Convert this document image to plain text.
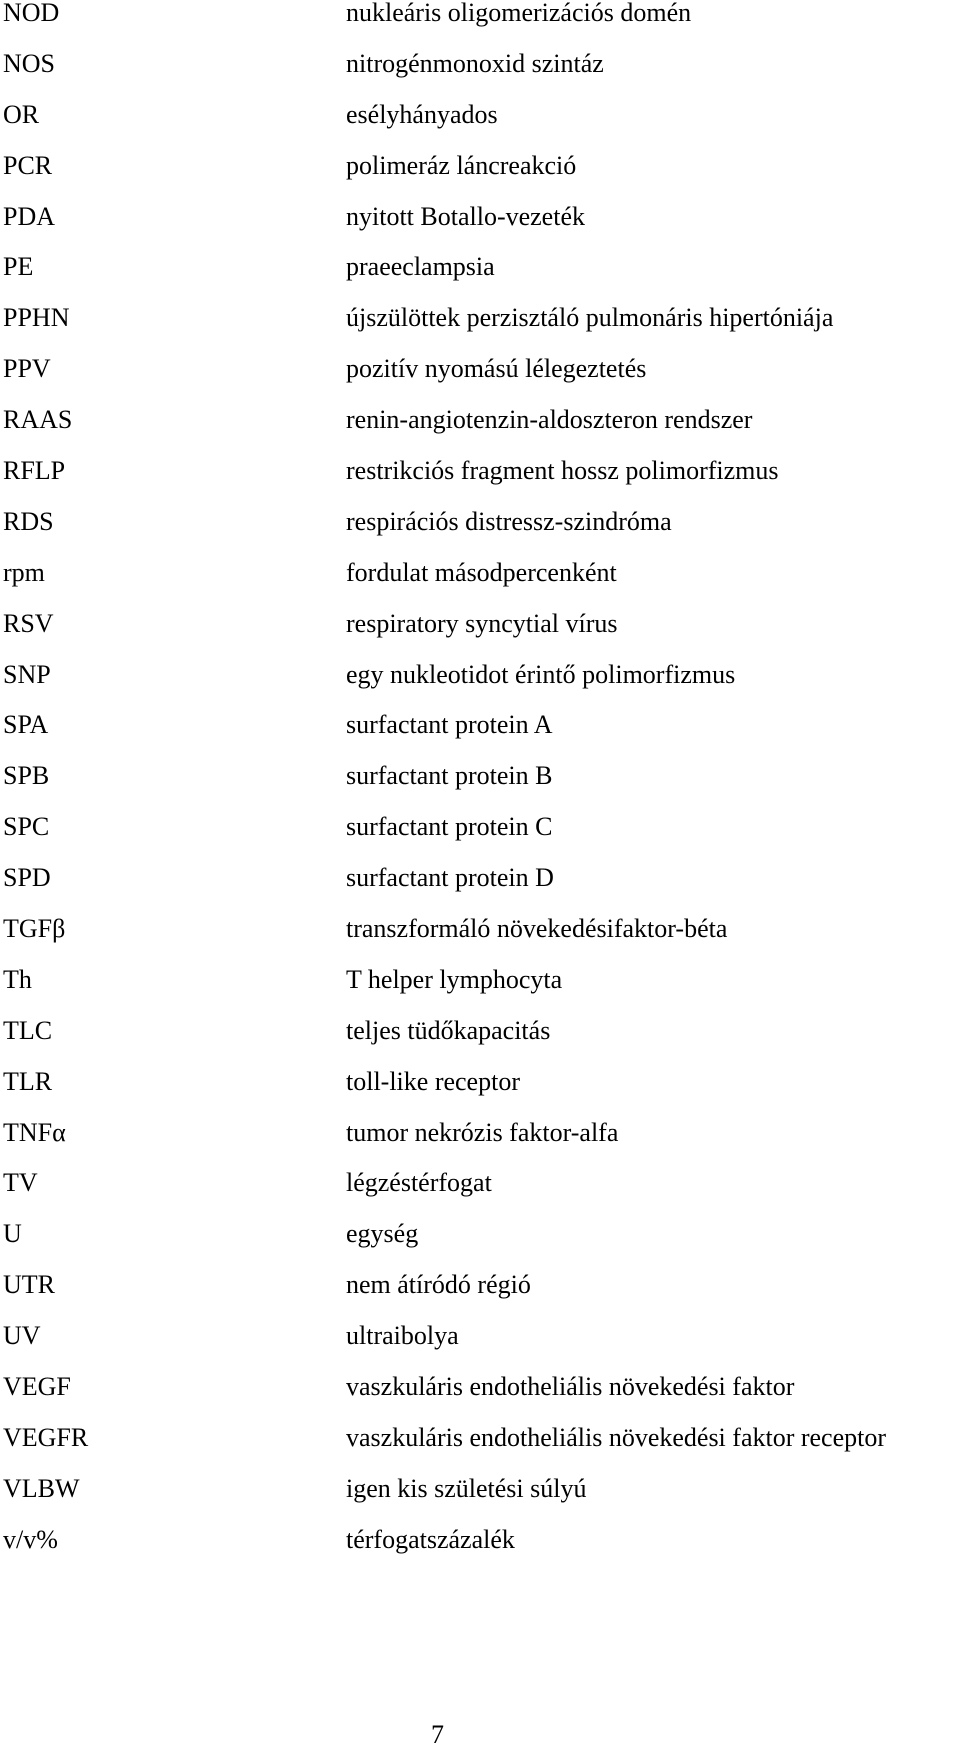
NOD	nukleáris oligomerizációs domén
NOS	nitrogénmonoxid szintáz
OR	esélyhányados
PCR	polimeráz láncreakció
PDA	nyitott Botallo-vezeték
PE	praeeclampsia
PPHN	újszülöttek perzisztáló pulmonáris hipertóniája
PPV	pozitív nyomású lélegeztetés
RAAS	renin-angiotenzin-aldoszteron rendszer
RFLP	restrikciós fragment hossz polimorfizmus
RDS	respirációs distressz-szindróma
rpm	fordulat másodpercenként
RSV	respiratory syncytial vírus
SNP	egy nukleotidot érintő polimorfizmus
SPA	surfactant protein A
SPB	surfactant protein B
SPC	surfactant protein C
SPD	surfactant protein D
TGFβ	transzformáló növekedésifaktor-béta
Th	T helper lymphocyta
TLC	teljes tüdőkapacitás
TLR	toll-like receptor
TNFα	tumor nekrózis faktor-alfa
TV	légzéstérfogat
U	egység
UTR	nem átíródó régió
UV	ultraibolya
VEGF	vaszkuláris endotheliális növekedési faktor
VEGFR	vaszkuláris endotheliális növekedési faktor receptor
VLBW	igen kis születési súlyú
v/v%	térfogatszázalék
7
